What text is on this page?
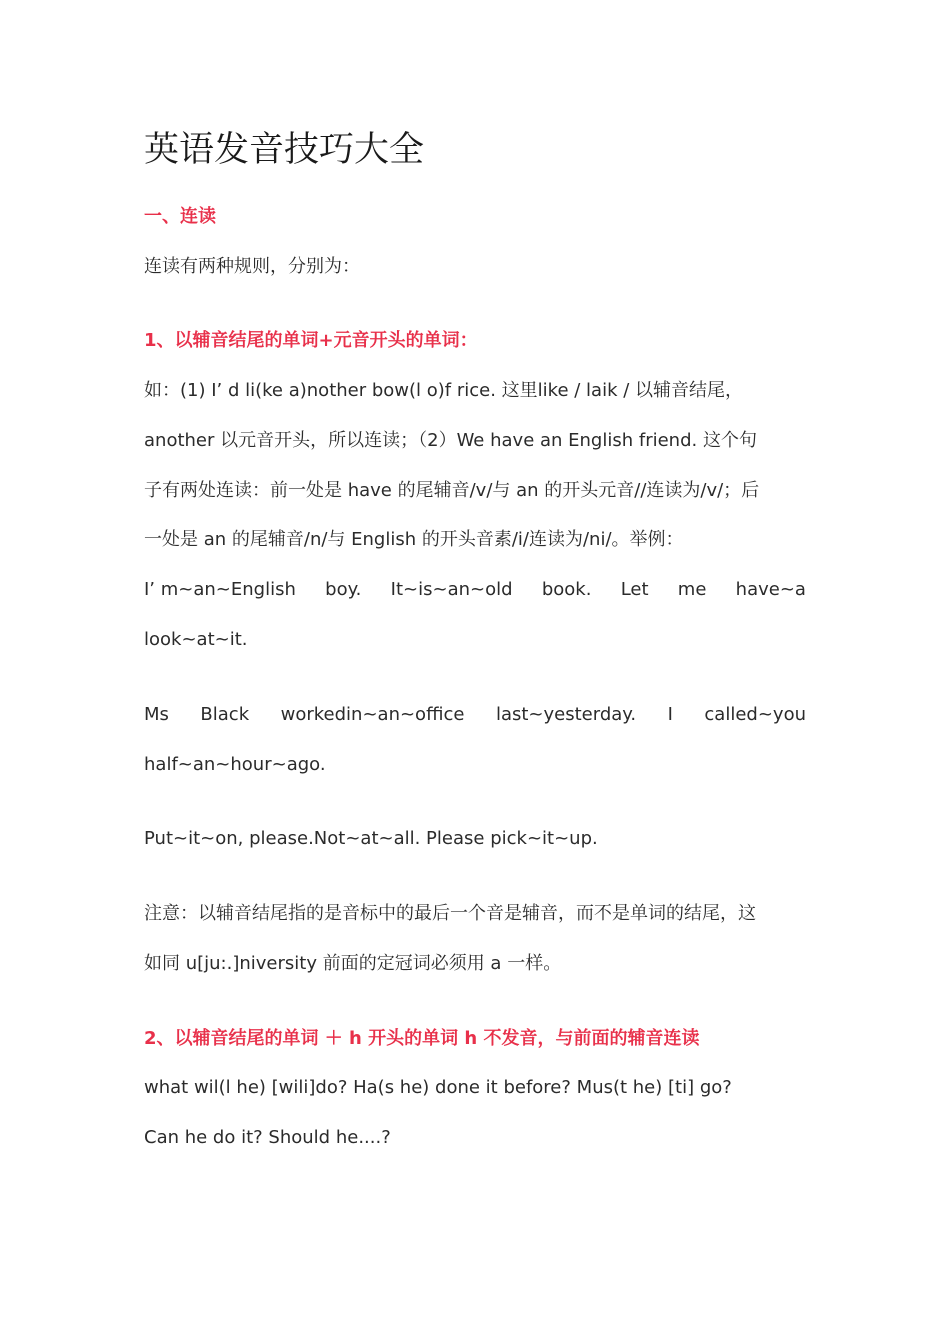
英语发音技巧大全
一、连读

连读有两种规则，分别为：

1、以辅音结尾的单词+元音开头的单词：
如：(1) I’ d li(ke a)nother bow(l o)f rice. 这里like / laik / 以辅音结尾，
another 以元音开头，所以连读；（2）We have an English friend. 这个句
子有两处连读：前一处是 have 的尾辅音/v/与 an 的开头元音//连读为/v/；后
一处是 an 的尾辅音/n/与 English 的开头音素/i/连读为/ni/。举例：
I’ m~an~English boy. It~is~an~old book. Let me have~a
look~at~it.
Ms Black workedin~an~office last~yesterday. I called~you
half~an~hour~ago.

Put~it~on, please.Not~at~all. Please pick~it~up.

注意：以辅音结尾指的是音标中的最后一个音是辅音，而不是单词的结尾，这
如同 u[ju:.]niversity 前面的定冠词必须用 a 一样。
2、以辅音结尾的单词 ＋ h 开头的单词 h 不发音，与前面的辅音连读
what wil(l he) [wili]do? Ha(s he) done it before? Mus(t he) [ti] go?
Can he do it? Should he....?
